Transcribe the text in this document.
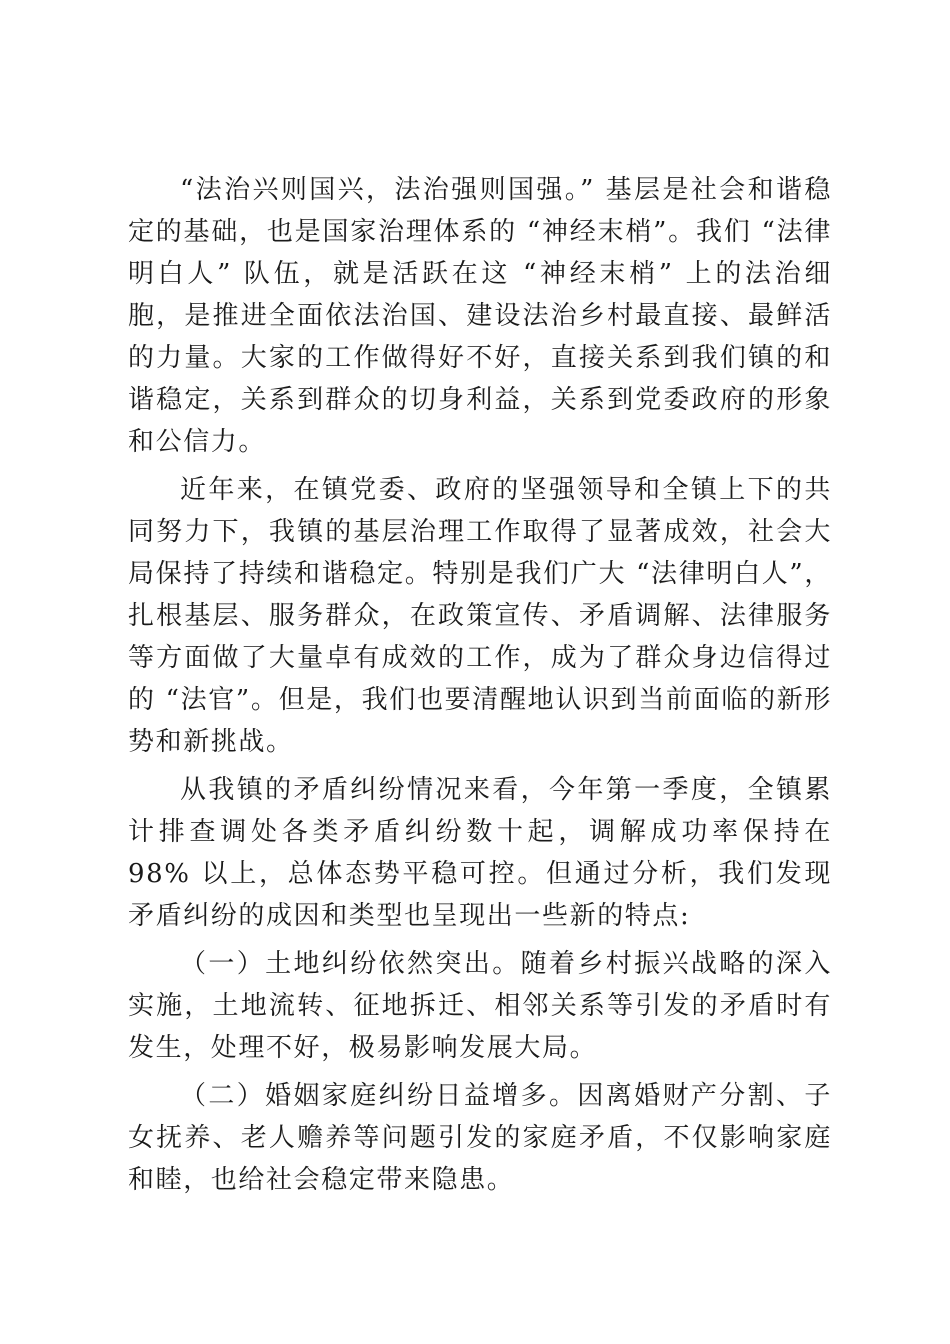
“法治兴则国兴，法治强则国强。” 基层是社会和谐稳定的基础，也是国家治理体系的 “神经末梢”。我们 “法律明白人” 队伍，就是活跃在这 “神经末梢” 上的法治细胞，是推进全面依法治国、建设法治乡村最直接、最鲜活的力量。大家的工作做得好不好，直接关系到我们镇的和谐稳定，关系到群众的切身利益，关系到党委政府的形象和公信力。

近年来，在镇党委、政府的坚强领导和全镇上下的共同努力下，我镇的基层治理工作取得了显著成效，社会大局保持了持续和谐稳定。特别是我们广大 “法律明白人”，扎根基层、服务群众，在政策宣传、矛盾调解、法律服务等方面做了大量卓有成效的工作，成为了群众身边信得过的 “法官”。但是，我们也要清醒地认识到当前面临的新形势和新挑战。

从我镇的矛盾纠纷情况来看，今年第一季度，全镇累计排查调处各类矛盾纠纷数十起，调解成功率保持在 98% 以上，总体态势平稳可控。但通过分析，我们发现矛盾纠纷的成因和类型也呈现出一些新的特点:

（一）土地纠纷依然突出。随着乡村振兴战略的深入实施，土地流转、征地拆迁、相邻关系等引发的矛盾时有发生，处理不好，极易影响发展大局。

（二）婚姻家庭纠纷日益增多。因离婚财产分割、子女抚养、老人赡养等问题引发的家庭矛盾，不仅影响家庭和睦，也给社会稳定带来隐患。
